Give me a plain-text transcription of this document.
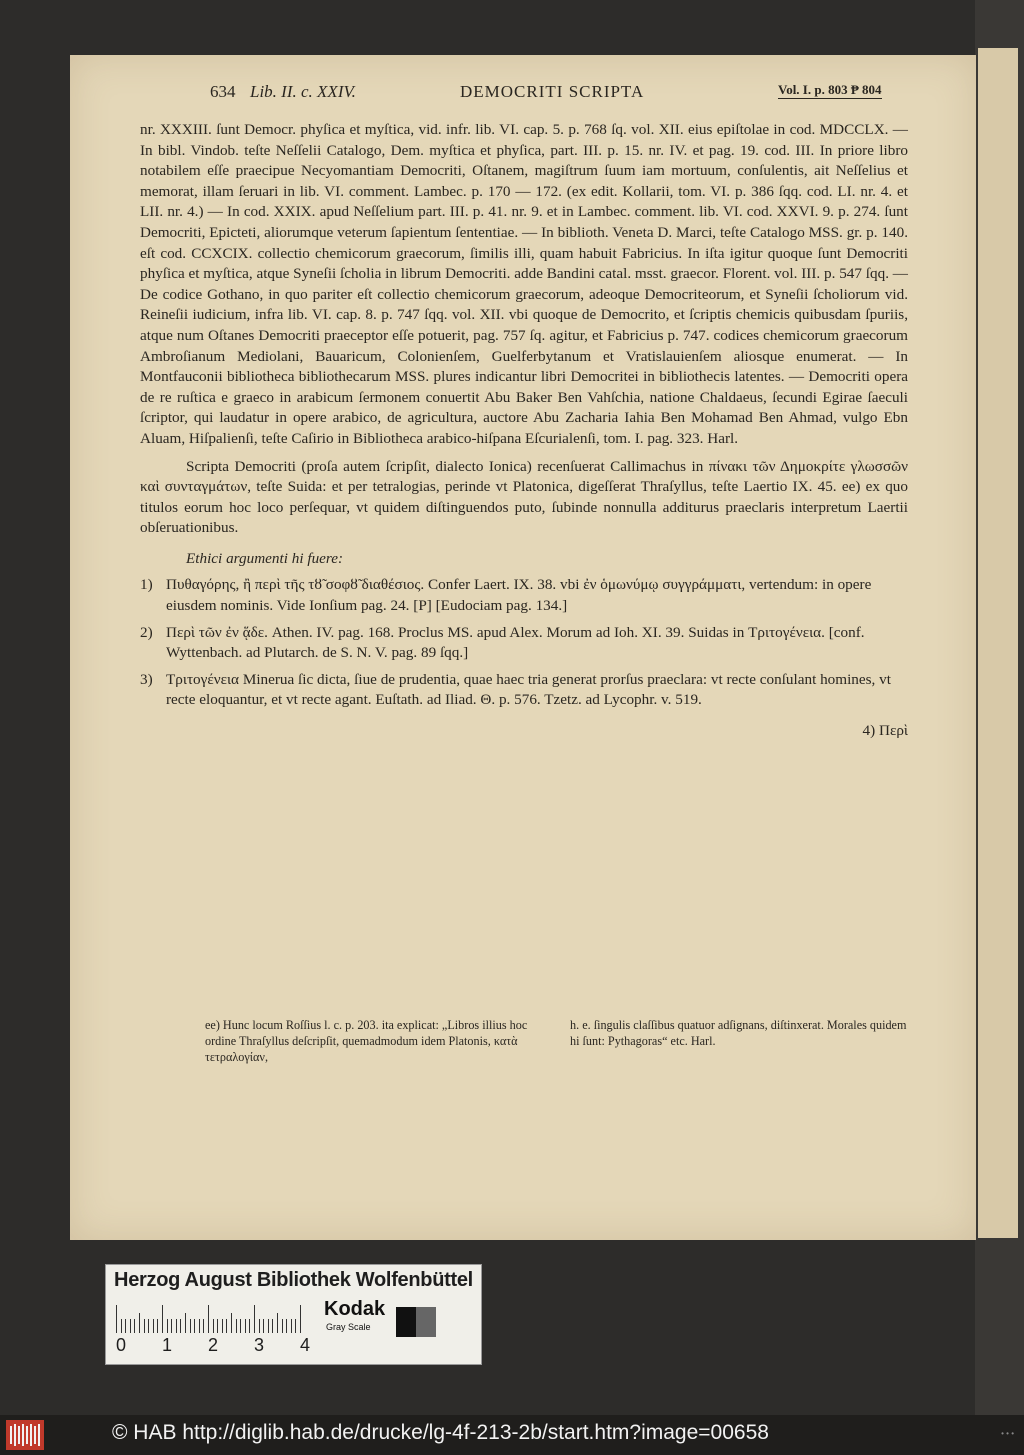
634 Lib. II. c. XXIV.	DEMOCRITI SCRIPTA	Vol. I. p. 803 ₱ 804

nr. XXXIII. ſunt Democr. phyſica et myſtica, vid. infr. lib. VI. cap. 5. p. 768 ſq. vol. XII. eius epiſtolae in cod. MDCCLX. — In bibl. Vindob. teſte Neſſelii Catalogo, Dem. myſtica et phyſica, part. III. p. 15. nr. IV. et pag. 19. cod. III. In priore libro notabilem eſſe praecipue Necyomantiam Democriti, Oſtanem, magiſtrum ſuum iam mortuum, conſulentis, ait Neſſelius et memorat, illam ſeruari in lib. VI. comment. Lambec. p. 170 — 172. (ex edit. Kollarii, tom. VI. p. 386 ſqq. cod. LI. nr. 4. et LII. nr. 4.) — In cod. XXIX. apud Neſſelium part. III. p. 41. nr. 9. et in Lambec. comment. lib. VI. cod. XXVI. 9. p. 274. ſunt Democriti, Epicteti, aliorumque veterum ſapientum ſententiae. — In biblioth. Veneta D. Marci, teſte Catalogo MSS. gr. p. 140. eſt cod. CCXCIX. collectio chemicorum graecorum, ſimilis illi, quam habuit Fabricius. In iſta igitur quoque ſunt Democriti phyſica et myſtica, atque Syneſii ſcholia in librum Democriti. adde Bandini catal. msst. graecor. Florent. vol. III. p. 547 ſqq. — De codice Gothano, in quo pariter eſt collectio chemicorum graecorum, adeoque Democriteorum, et Syneſii ſcholiorum vid. Reineſii iudicium, infra lib. VI. cap. 8. p. 747 ſqq. vol. XII. vbi quoque de Democrito, et ſcriptis chemicis quibusdam ſpuriis, atque num Oſtanes Democriti praeceptor eſſe potuerit, pag. 757 ſq. agitur, et Fabricius p. 747. codices chemicorum graecorum Ambroſianum Mediolani, Bauaricum, Colonienſem, Guelferbytanum et Vratislauienſem aliosque enumerat. — In Montfauconii bibliotheca bibliothecarum MSS. plures indicantur libri Democritei in bibliothecis latentes. — Democriti opera de re ruſtica e graeco in arabicum ſermonem conuertit Abu Baker Ben Vahſchia, natione Chaldaeus, ſecundi Egirae ſaeculi ſcriptor, qui laudatur in opere arabico, de agricultura, auctore Abu Zacharia Iahia Ben Mohamad Ben Ahmad, vulgo Ebn Aluam, Hiſpalienſi, teſte Caſirio in Bibliotheca arabico-hiſpana Eſcurialenſi, tom. I. pag. 323. Harl.

Scripta Democriti (proſa autem ſcripſit, dialecto Ionica) recenſuerat Callimachus in πίνακι τῶν Δημοκρίτε γλωσσῶν καὶ συνταγμάτων, teſte Suida: et per tetralogias, perinde vt Platonica, digeſſerat Thraſyllus, teſte Laertio IX. 45. ee) ex quo titulos eorum hoc loco perſequar, vt quidem diſtinguendos puto, ſubinde nonnulla additurus praeclaris interpretum Laertii obſeruationibus.

Ethici argumenti hi fuere:
1) Πυθαγόρης, ἢ περὶ τῆς τȣ̃ σοφȣ̃ διαθέσιος. Confer Laert. IX. 38. vbi ἐν ὁμωνύμῳ συγγράμματι, vertendum: in opere eiusdem nominis. Vide Ionſium pag. 24. [P] [Eudociam pag. 134.]
2) Περὶ τῶν ἐν ᾅδε. Athen. IV. pag. 168. Proclus MS. apud Alex. Morum ad Ioh. XI. 39. Suidas in Τριτογένεια. [conf. Wyttenbach. ad Plutarch. de S. N. V. pag. 89 ſqq.]
3) Τριτογένεια Minerua ſic dicta, ſiue de prudentia, quae haec tria generat prorſus praeclara: vt recte conſulant homines, vt recte eloquantur, et vt recte agant. Euſtath. ad Iliad. Θ. p. 576. Tzetz. ad Lycophr. v. 519.
4) Περὶ
ee) Hunc locum Roſſius l. c. p. 203. ita explicat: „Libros illius hoc ordine Thraſyllus deſcripſit, quemadmodum idem Platonis, κατὰ τετραλογίαν,
h. e. ſingulis claſſibus quatuor adſignans, diſtinxerat. Morales quidem hi ſunt: Pythagoras“ etc. Harl.
Herzog August Bibliothek Wolfenbüttel
0 1 2 3 4
Kodak
Gray Scale
© HAB http://diglib.hab.de/drucke/lg-4f-213-2b/start.htm?image=00658	• • •
